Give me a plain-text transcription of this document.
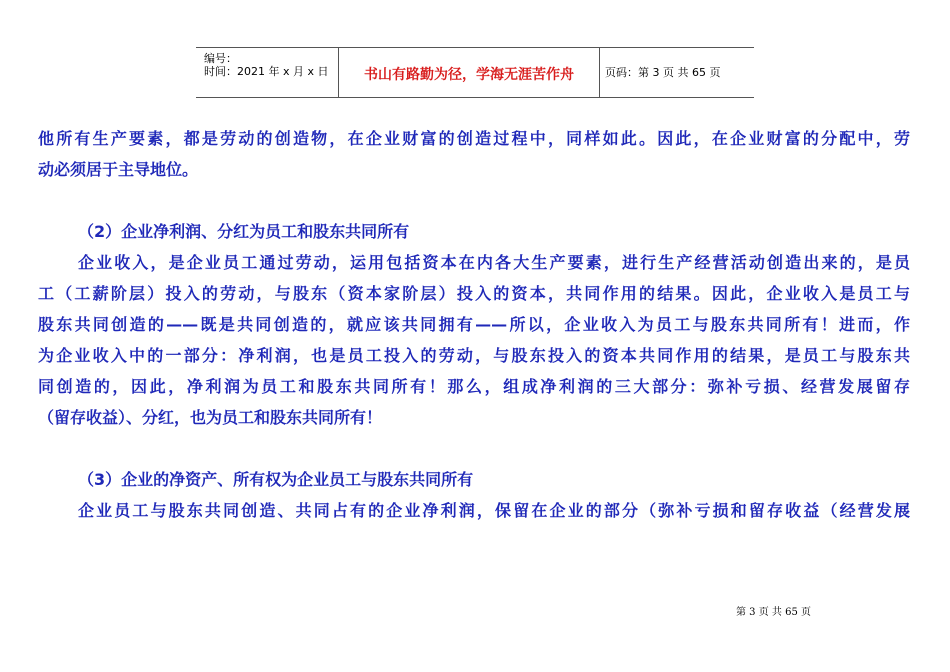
编号：
时间：2021 年 x 月 x 日	书山有路勤为径，学海无涯苦作舟	页码：第 3 页 共 65 页

他所有生产要素，都是劳动的创造物，在企业财富的创造过程中，同样如此。因此，在企业财富的分配中，劳

动必须居于主导地位。

（2）企业净利润、分红为员工和股东共同所有

企业收入，是企业员工通过劳动，运用包括资本在内各大生产要素，进行生产经营活动创造出来的，是员

工（工薪阶层）投入的劳动，与股东（资本家阶层）投入的资本，共同作用的结果。因此，企业收入是员工与

股东共同创造的——既是共同创造的，就应该共同拥有——所以，企业收入为员工与股东共同所有！进而，作

为企业收入中的一部分：净利润，也是员工投入的劳动，与股东投入的资本共同作用的结果，是员工与股东共

同创造的，因此，净利润为员工和股东共同所有！那么，组成净利润的三大部分：弥补亏损、经营发展留存

（留存收益）、分红，也为员工和股东共同所有！

（3）企业的净资产、所有权为企业员工与股东共同所有

企业员工与股东共同创造、共同占有的企业净利润，保留在企业的部分（弥补亏损和留存收益（经营发展

第 3 页 共 65 页
